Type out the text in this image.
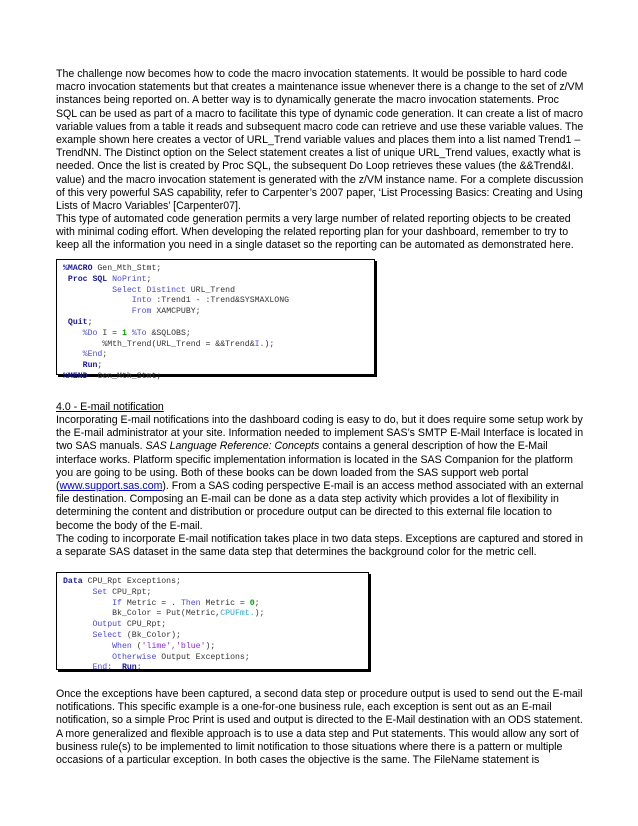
The challenge now becomes how to code the macro invocation statements. It would be possible to hard code
macro invocation statements but that creates a maintenance issue whenever there is a change to the set of z/VM
instances being reported on. A better way is to dynamically generate the macro invocation statements. Proc
SQL can be used as part of a macro to facilitate this type of dynamic code generation. It can create a list of macro
variable values from a table it reads and subsequent macro code can retrieve and use these variable values. The
example shown here creates a vector of URL_Trend variable values and places them into a list named Trend1 –
TrendNN. The Distinct option on the Select statement creates a list of unique URL_Trend values, exactly what is
needed. Once the list is created by Proc SQL, the subsequent Do Loop retrieves these values (the &&Trend&I.
value) and the macro invocation statement is generated with the z/VM instance name. For a complete discussion
of this very powerful SAS capability, refer to Carpenter’s 2007 paper, ‘List Processing Basics: Creating and Using
Lists of Macro Variables’ [Carpenter07].
This type of automated code generation permits a very large number of related reporting objects to be created
with minimal coding effort. When developing the related reporting plan for your dashboard, remember to try to
keep all the information you need in a single dataset so the reporting can be automated as demonstrated here.
%MACRO Gen_Mth_Stmt;
Proc SQL NoPrint;
Select Distinct URL_Trend
Into :Trend1 - :Trend&SYSMAXLONG
From XAMCPUBY;
Quit;
%Do I = 1 %To &SQLOBS;
%Mth_Trend(URL_Trend = &&Trend&I.);
%End;
Run;
%MEND  Gen_Mth_Stmt;
4.0 - E-mail notification
Incorporating E-mail notifications into the dashboard coding is easy to do, but it does require some setup work by
the E-mail administrator at your site. Information needed to implement SAS’s SMTP E-Mail Interface is located in
two SAS manuals. SAS Language Reference: Concepts contains a general description of how the E-Mail
interface works. Platform specific implementation information is located in the SAS Companion for the platform
you are going to be using. Both of these books can be down loaded from the SAS support web portal
(www.support.sas.com). From a SAS coding perspective E-mail is an access method associated with an external
file destination. Composing an E-mail can be done as a data step activity which provides a lot of flexibility in
determining the content and distribution or procedure output can be directed to this external file location to
become the body of the E-mail.
The coding to incorporate E-mail notification takes place in two data steps. Exceptions are captured and stored in
a separate SAS dataset in the same data step that determines the background color for the metric cell.
Data CPU_Rpt Exceptions;
Set CPU_Rpt;
If Metric = . Then Metric = 0;
Bk_Color = Put(Metric,CPUFmt.);
Output CPU_Rpt;
Select (Bk_Color);
When ('lime','blue');
Otherwise Output Exceptions;
End;  Run;
Once the exceptions have been captured, a second data step or procedure output is used to send out the E-mail
notifications. This specific example is a one-for-one business rule, each exception is sent out as an E-mail
notification, so a simple Proc Print is used and output is directed to the E-Mail destination with an ODS statement.
A more generalized and flexible approach is to use a data step and Put statements. This would allow any sort of
business rule(s) to be implemented to limit notification to those situations where there is a pattern or multiple
occasions of a particular exception. In both cases the objective is the same. The FileName statement is
